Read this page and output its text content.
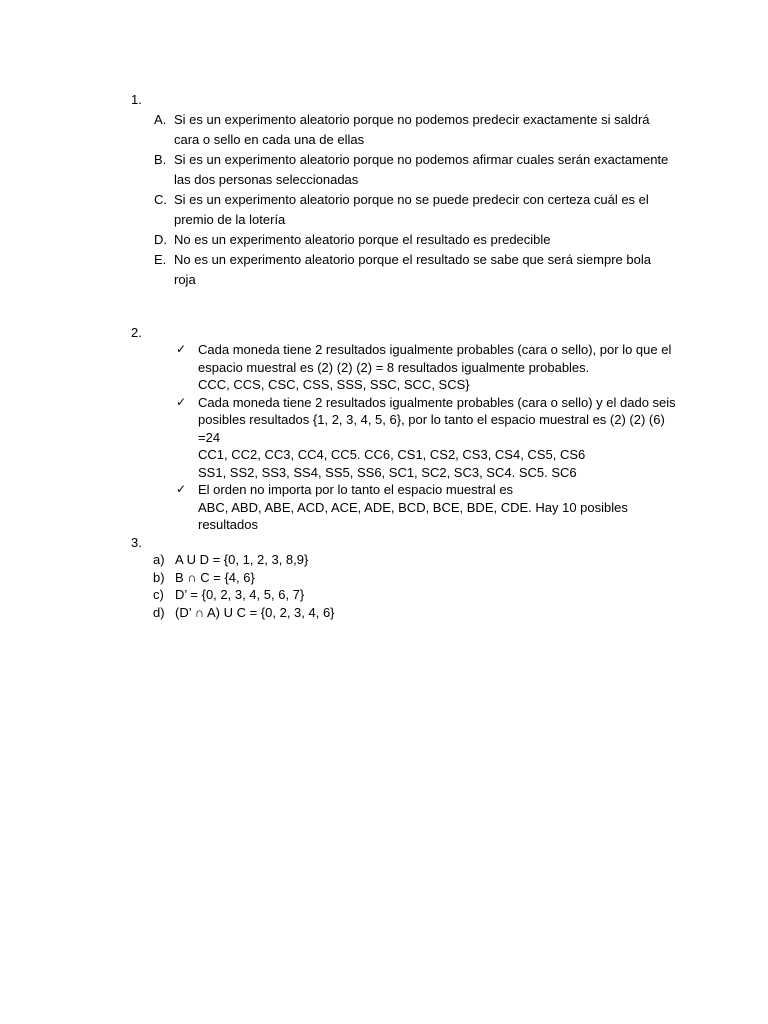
1.
A. Si es un experimento aleatorio porque no podemos predecir exactamente si saldrá
cara o sello en cada una de ellas
B. Si es un experimento aleatorio porque no podemos afirmar cuales serán exactamente
las dos personas seleccionadas
C. Si es un experimento aleatorio porque no se puede predecir con certeza cuál es el
premio de la lotería
D. No es un experimento aleatorio porque el resultado es predecible
E. No es un experimento aleatorio porque el resultado se sabe que será siempre bola
roja
2.
✓ Cada moneda tiene 2 resultados igualmente probables (cara o sello), por lo que el
espacio muestral es (2) (2) (2) = 8 resultados igualmente probables.
CCC, CCS, CSC, CSS, SSS, SSC, SCC, SCS}
✓ Cada moneda tiene 2 resultados igualmente probables (cara o sello) y el dado seis
posibles resultados {1, 2, 3, 4, 5, 6}, por lo tanto el espacio muestral es (2) (2) (6)
=24
CC1, CC2, CC3, CC4, CC5. CC6, CS1, CS2, CS3, CS4, CS5, CS6
SS1, SS2, SS3, SS4, SS5, SS6, SC1, SC2, SC3, SC4. SC5. SC6
✓ El orden no importa por lo tanto el espacio muestral es
ABC, ABD, ABE, ACD, ACE, ADE, BCD, BCE, BDE, CDE. Hay 10 posibles resultados
3.
a) A U D = {0, 1, 2, 3, 8,9}
b) B ∩ C = {4, 6}
c) D’ = {0, 2, 3, 4, 5, 6, 7}
d) (D’ ∩ A) U C = {0, 2, 3, 4, 6}
